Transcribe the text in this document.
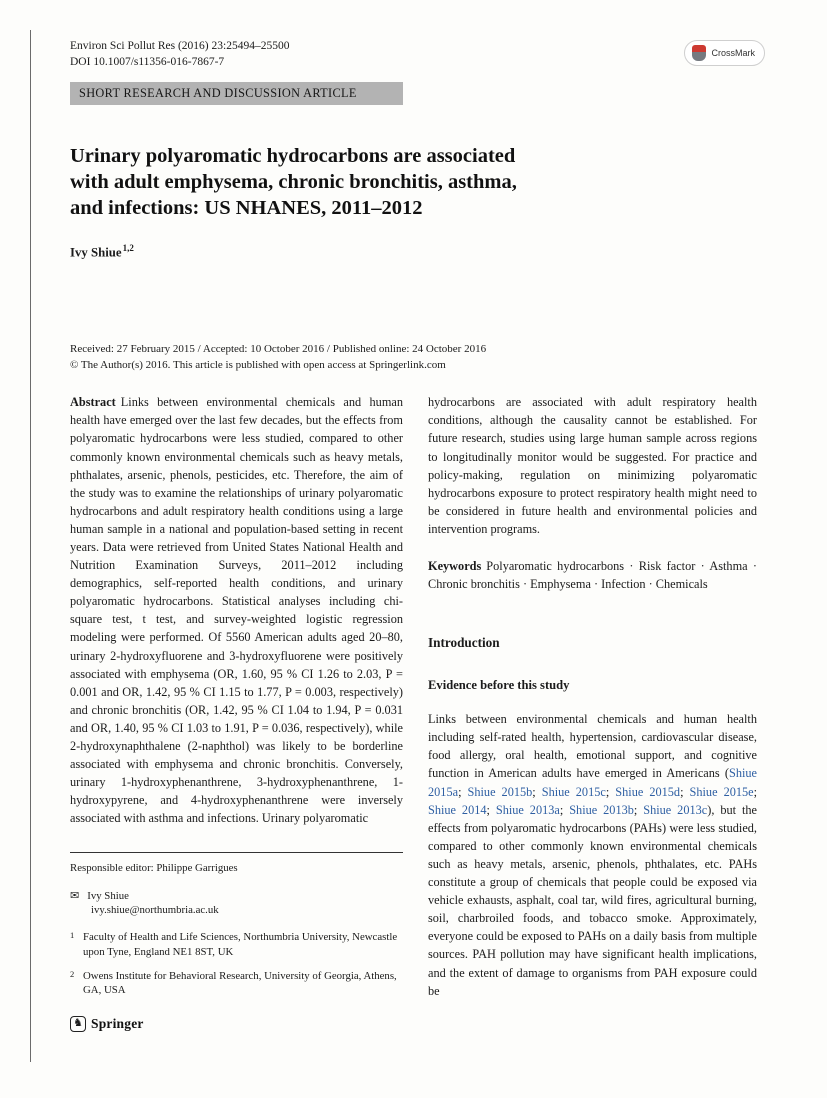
Environ Sci Pollut Res (2016) 23:25494–25500
DOI 10.1007/s11356-016-7867-7
CrossMark
SHORT RESEARCH AND DISCUSSION ARTICLE
Urinary polyaromatic hydrocarbons are associated
with adult emphysema, chronic bronchitis, asthma,
and infections: US NHANES, 2011–2012
Ivy Shiue$^{1,2}$
Received: 27 February 2015 / Accepted: 10 October 2016 / Published online: 24 October 2016
© The Author(s) 2016. This article is published with open access at Springerlink.com

Abstract Links between environmental chemicals and human health have emerged over the last few decades, but the effects from polyaromatic hydrocarbons were less studied, compared to other commonly known environmental chemicals such as heavy metals, phthalates, arsenic, phenols, pesticides, etc. Therefore, the aim of the study was to examine the relationships of urinary polyaromatic hydrocarbons and adult respiratory health conditions using a large human sample in a national and population-based setting in recent years. Data were retrieved from United States National Health and Nutrition Examination Surveys, 2011–2012 including demographics, self-reported health conditions, and urinary polyaromatic hydrocarbons. Statistical analyses including chi-square test, t test, and survey-weighted logistic regression modeling were performed. Of 5560 American adults aged 20–80, urinary 2-hydroxyfluorene and 3-hydroxyfluorene were positively associated with emphysema (OR, 1.60, 95 % CI 1.26 to 2.03, P = 0.001 and OR, 1.42, 95 % CI 1.15 to 1.77, P = 0.003, respectively) and chronic bronchitis (OR, 1.42, 95 % CI 1.04 to 1.94, P = 0.031 and OR, 1.40, 95 % CI 1.03 to 1.91, P = 0.036, respectively), while 2-hydroxynaphthalene (2-naphthol) was likely to be borderline associated with emphysema and chronic bronchitis. Conversely, urinary 1-hydroxyphenanthrene, 3-hydroxyphenanthrene, 1-hydroxypyrene, and 4-hydroxyphenanthrene were inversely associated with asthma and infections. Urinary polyaromatic

Responsible editor: Philippe Garrigues
✉ Ivy Shiue
ivy.shiue@northumbria.ac.uk
1 Faculty of Health and Life Sciences, Northumbria University, Newcastle upon Tyne, England NE1 8ST, UK
2 Owens Institute for Behavioral Research, University of Georgia, Athens, GA, USA

hydrocarbons are associated with adult respiratory health conditions, although the causality cannot be established. For future research, studies using large human sample across regions to longitudinally monitor would be suggested. For practice and policy-making, regulation on minimizing polyaromatic hydrocarbons exposure to protect respiratory health might need to be considered in future health and environmental policies and intervention programs.

Keywords Polyaromatic hydrocarbons · Risk factor · Asthma · Chronic bronchitis · Emphysema · Infection · Chemicals

Introduction
Evidence before this study

Links between environmental chemicals and human health including self-rated health, hypertension, cardiovascular disease, food allergy, oral health, emotional support, and cognitive function in American adults have emerged in Americans (Shiue 2015a; Shiue 2015b; Shiue 2015c; Shiue 2015d; Shiue 2015e; Shiue 2014; Shiue 2013a; Shiue 2013b; Shiue 2013c), but the effects from polyaromatic hydrocarbons (PAHs) were less studied, compared to other commonly known environmental chemicals such as heavy metals, arsenic, phenols, phthalates, etc. PAHs constitute a group of chemicals that people could be exposed via vehicle exhausts, asphalt, coal tar, wild fires, agricultural burning, soil, charbroiled foods, and tobacco smoke. Approximately, everyone could be exposed to PAHs on a daily basis from multiple sources. PAH pollution may have significant health implications, and the extent of damage to organisms from PAH exposure could be

♞ Springer
